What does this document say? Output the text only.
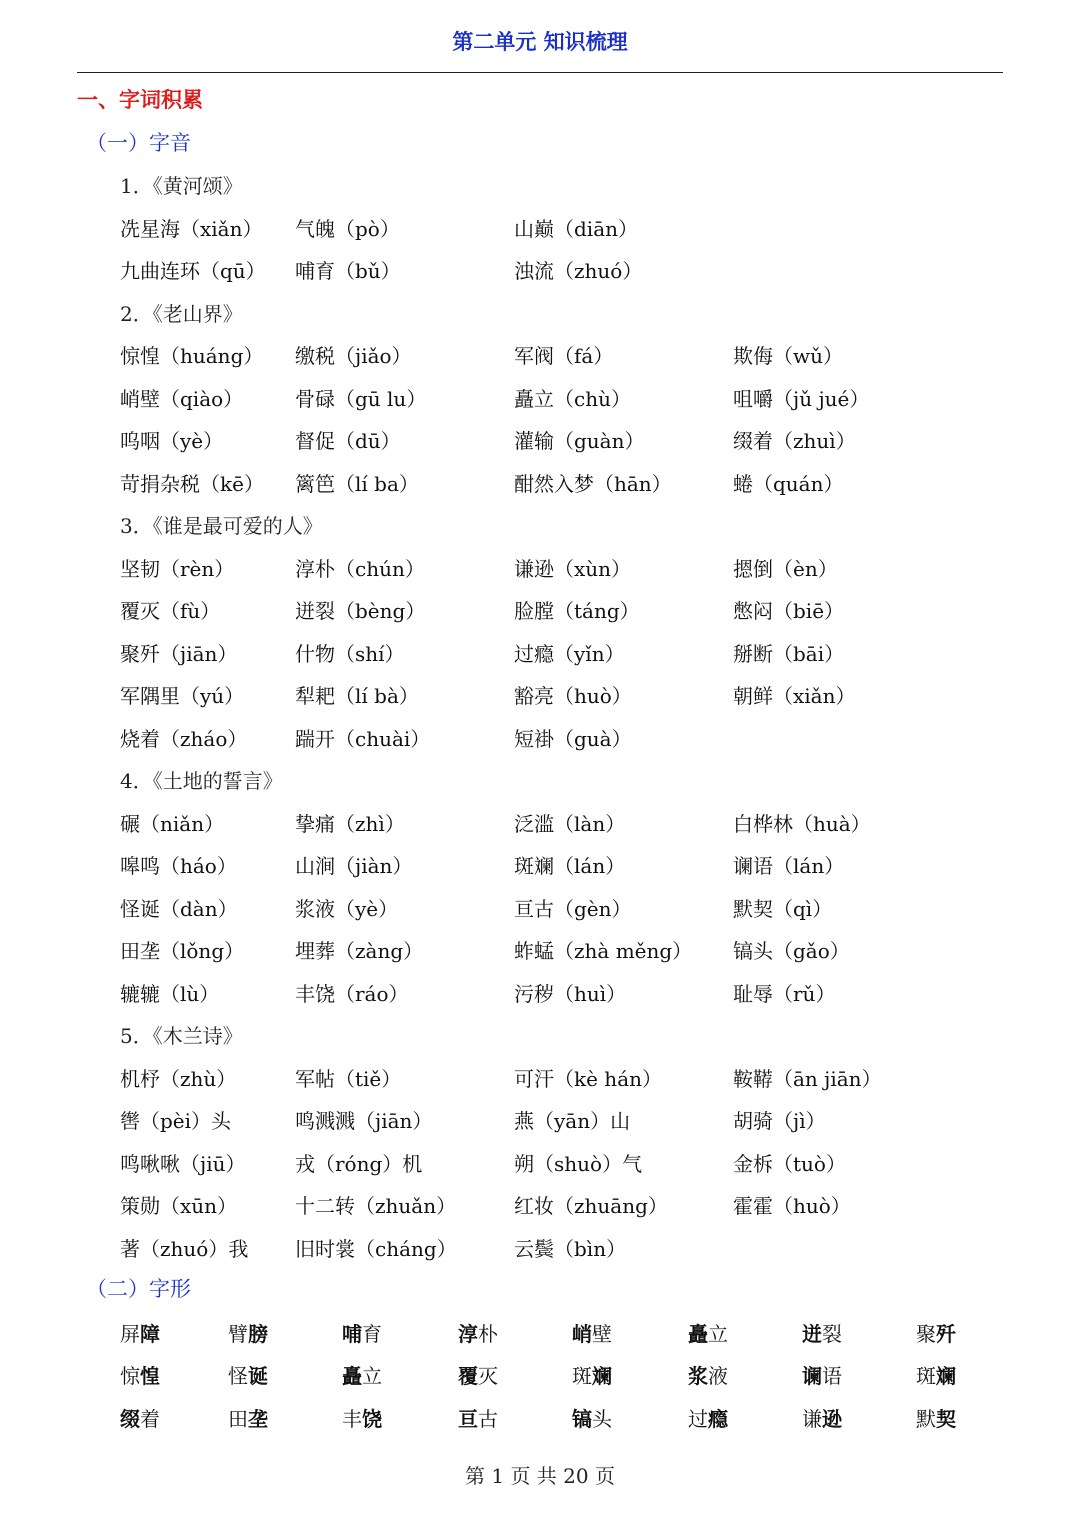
第二单元 知识梳理
一、字词积累
（一）字音
1．《黄河颂》
冼星海（xiǎn） 气魄（pò）	山巅（diān）
九曲连环（qū） 哺育（bǔ）	浊流（zhuó）
2．《老山界》
惊惶（huáng） 缴税（jiǎo）	军阀（fá）	欺侮（wǔ）
峭壁（qiào）	骨碌（gū lu）	矗立（chù）	咀嚼（jǔ jué）
呜咽（yè）	督促（dū）	灌输（guàn）	缀着（zhuì）
苛捐杂税（kē） 篱笆（lí ba）	酣然入梦（hān）	蜷（quán）
3．《谁是最可爱的人》
坚韧（rèn）	淳朴（chún）	谦逊（xùn）	摁倒（èn）
覆灭（fù）	迸裂（bèng）	脸膛（táng）	憋闷（biē）
聚歼（jiān）	什物（shí）	过瘾（yǐn）	掰断（bāi）
军隅里（yú）	犁耙（lí bà）	豁亮（huò）	朝鲜（xiǎn）
烧着（zháo） 踹开（chuài）	短褂（guà）
4．《土地的誓言》
碾（niǎn）	挚痛（zhì）	泛滥（làn）	白桦林（huà）
嗥鸣（háo）	山涧（jiàn）	斑斓（lán）	谰语（lán）
怪诞（dàn）	浆液（yè）	亘古（gèn）	默契（qì）
田垄（lǒng）	埋葬（zàng）	蚱蜢（zhà měng） 镐头（gǎo）
辘辘（lù）	丰饶（ráo）	污秽（huì）	耻辱（rǔ）
5．《木兰诗》
机杼（zhù）	军帖（tiě）	可汗（kè hán）	鞍鞯（ān jiān）
辔（pèi）头	鸣溅溅（jiān）	燕（yān）山	胡骑（jì）
鸣啾啾（jiū） 戎（róng）机	朔（shuò）气	金柝（tuò）
策勋（xūn）	十二转（zhuǎn）	红妆（zhuāng）	霍霍（huò）
著（zhuó）我 旧时裳（cháng）	云鬓（bìn）
（二）字形
屏障	臂膀	哺育	淳朴	峭壁	矗立	迸裂	聚歼
惊惶	怪诞	矗立	覆灭	斑斓	浆液	谰语	斑斓
缀着	田垄	丰饶	亘古	镐头	过瘾	谦逊	默契
第 1 页 共 20 页
